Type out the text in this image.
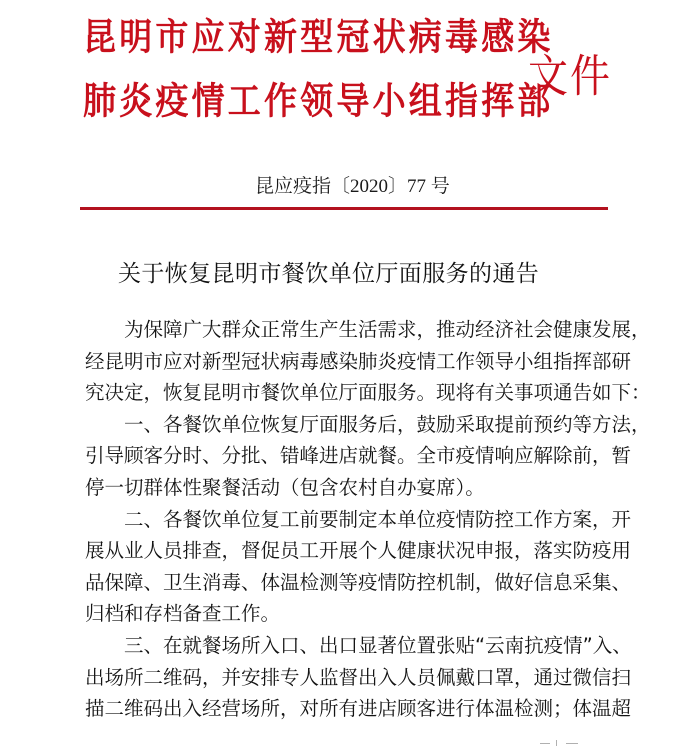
昆明市应对新型冠状病毒感染
肺炎疫情工作领导小组指挥部
文件
昆应疫指〔2020〕77 号
关于恢复昆明市餐饮单位厅面服务的通告
为保障广大群众正常生产生活需求，推动经济社会健康发展，
经昆明市应对新型冠状病毒感染肺炎疫情工作领导小组指挥部研
究决定，恢复昆明市餐饮单位厅面服务。现将有关事项通告如下：
一、各餐饮单位恢复厅面服务后，鼓励采取提前预约等方法，
引导顾客分时、分批、错峰进店就餐。全市疫情响应解除前，暂
停一切群体性聚餐活动（包含农村自办宴席）。
二、各餐饮单位复工前要制定本单位疫情防控工作方案，开
展从业人员排查，督促员工开展个人健康状况申报，落实防疫用
品保障、卫生消毒、体温检测等疫情防控机制，做好信息采集、
归档和存档备查工作。
三、在就餐场所入口、出口显著位置张贴“云南抗疫情”入、
出场所二维码，并安排专人监督出入人员佩戴口罩，通过微信扫
描二维码出入经营场所，对所有进店顾客进行体温检测；体温超
